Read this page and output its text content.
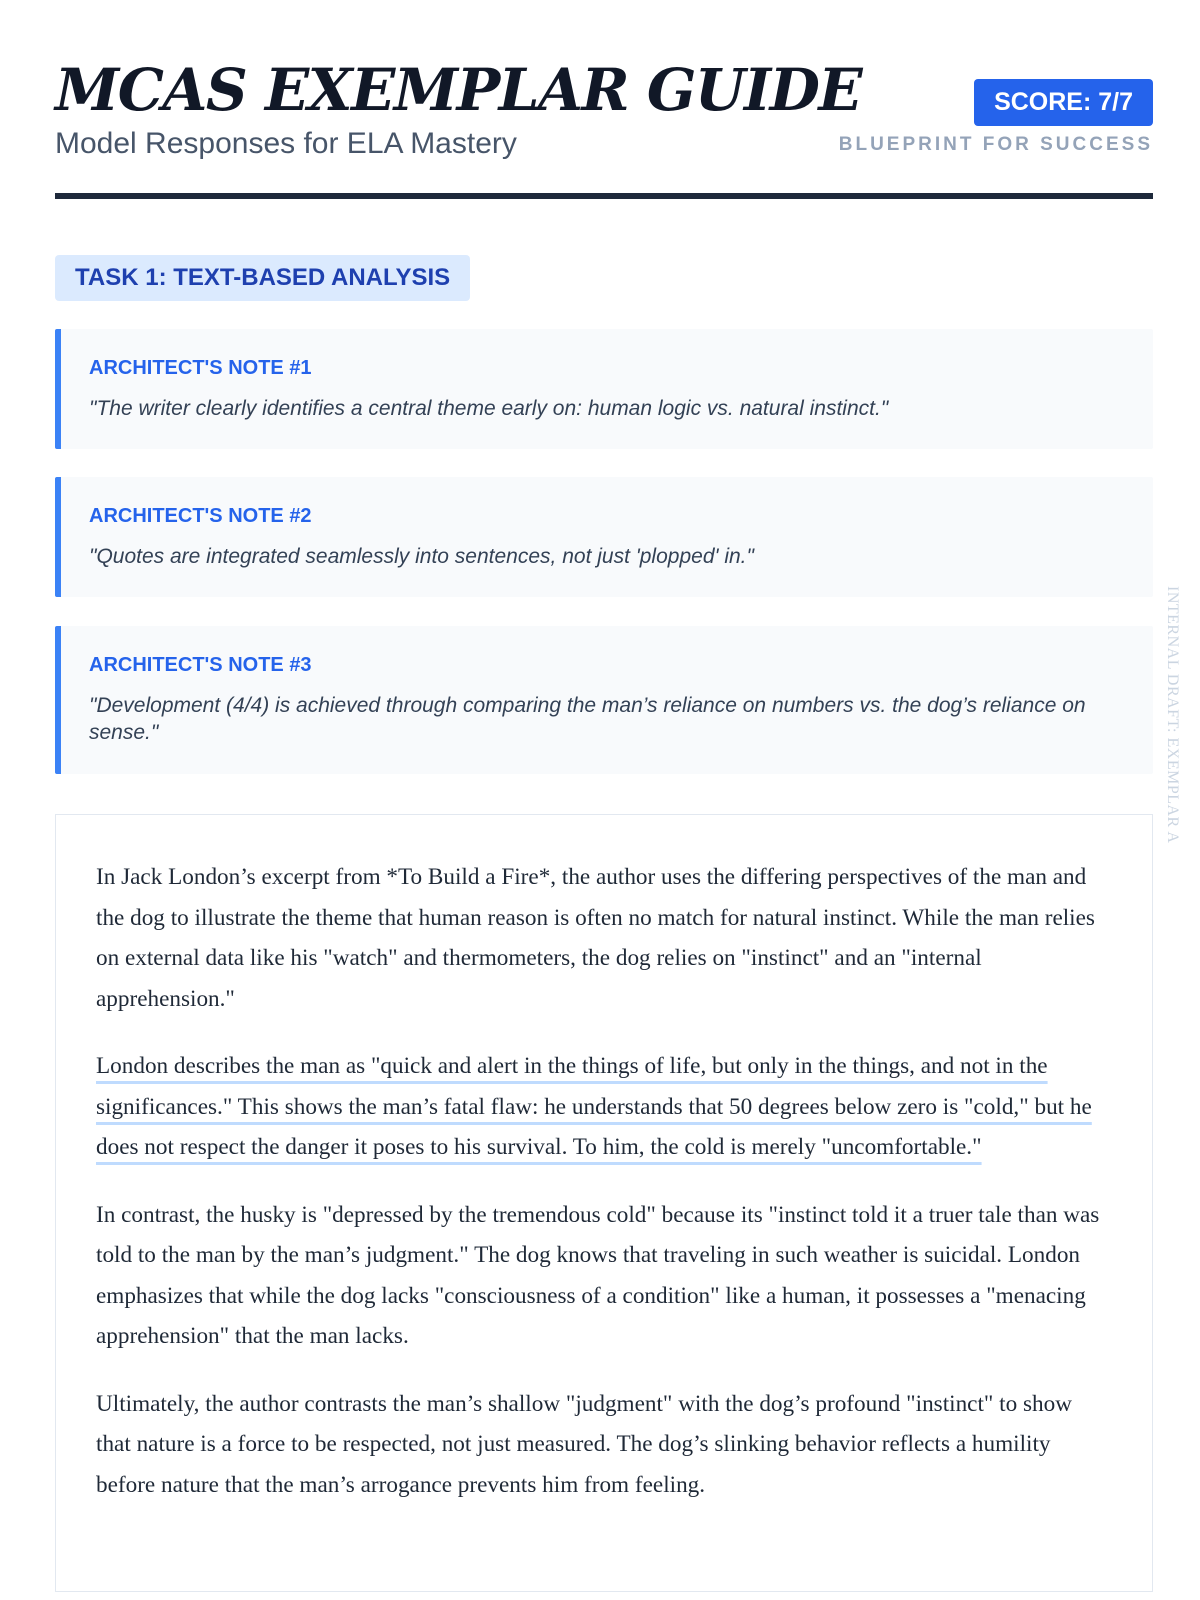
MCAS EXEMPLAR GUIDE
Model Responses for ELA Mastery
SCORE: 7/7
BLUEPRINT FOR SUCCESS
TASK 1: TEXT-BASED ANALYSIS
ARCHITECT'S NOTE #1
"The writer clearly identifies a central theme early on: human logic vs. natural instinct."
ARCHITECT'S NOTE #2
"Quotes are integrated seamlessly into sentences, not just 'plopped' in."
ARCHITECT'S NOTE #3
"Development (4/4) is achieved through comparing the man’s reliance on numbers vs. the dog’s reliance on sense."

In Jack London’s excerpt from *To Build a Fire*, the author uses the differing perspectives of the man and the dog to illustrate the theme that human reason is often no match for natural instinct. While the man relies on external data like his "watch" and thermometers, the dog relies on "instinct" and an "internal apprehension."

London describes the man as "quick and alert in the things of life, but only in the things, and not in the significances." This shows the man’s fatal flaw: he understands that 50 degrees below zero is "cold," but he does not respect the danger it poses to his survival. To him, the cold is merely "uncomfortable."

In contrast, the husky is "depressed by the tremendous cold" because its "instinct told it a truer tale than was told to the man by the man’s judgment." The dog knows that traveling in such weather is suicidal. London emphasizes that while the dog lacks "consciousness of a condition" like a human, it possesses a "menacing apprehension" that the man lacks.

Ultimately, the author contrasts the man’s shallow "judgment" with the dog’s profound "instinct" to show that nature is a force to be respected, not just measured. The dog’s slinking behavior reflects a humility before nature that the man’s arrogance prevents him from feeling.

INTERNAL DRAFT: EXEMPLAR A
